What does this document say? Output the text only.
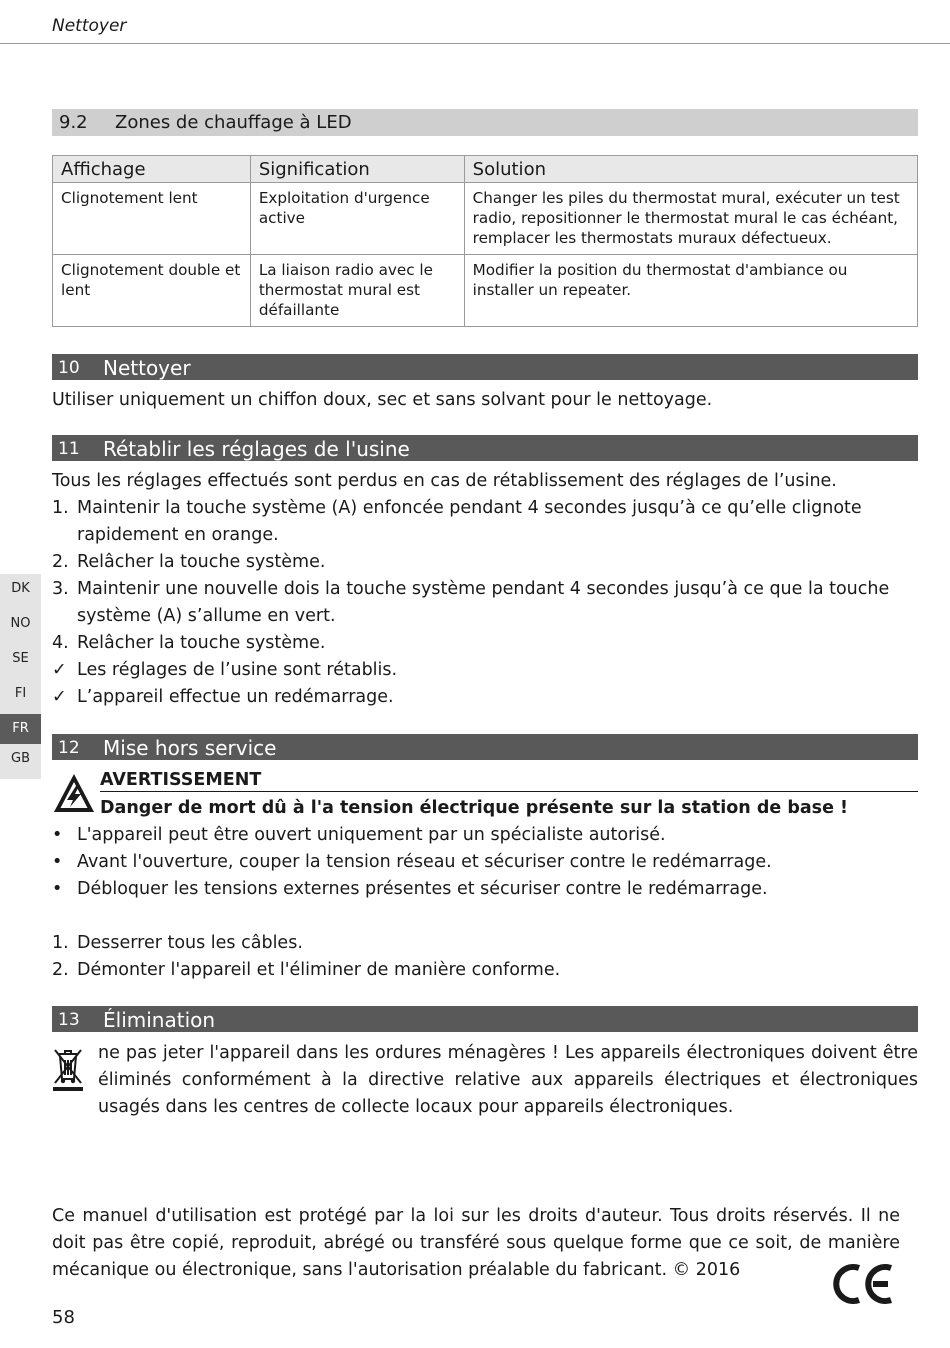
Nettoyer
9.2 Zones de chauffage à LED
Affichage	Signification	Solution
Clignotement lent	Exploitation d'urgence active	Changer les piles du thermostat mural, exécuter un test radio, repositionner le thermostat mural le cas échéant, remplacer les thermostats muraux défectueux.
Clignotement double et lent	La liaison radio avec le thermostat mural est défaillante	Modifier la position du thermostat d'ambiance ou installer un repeater.
10 Nettoyer
Utiliser uniquement un chiffon doux, sec et sans solvant pour le nettoyage.
11 Rétablir les réglages de l'usine
Tous les réglages effectués sont perdus en cas de rétablissement des réglages de l’usine.
1. Maintenir la touche système (A) enfoncée pendant 4 secondes jusqu’à ce qu’elle clignote rapidement en orange.
2. Relâcher la touche système.
3. Maintenir une nouvelle dois la touche système pendant 4 secondes jusqu’à ce que la touche système (A) s’allume en vert.
4. Relâcher la touche système.
✓ Les réglages de l’usine sont rétablis.
✓ L’appareil effectue un redémarrage.
DK
NO
SE
FI
FR
GB
12 Mise hors service
AVERTISSEMENT
Danger de mort dû à l'a tension électrique présente sur la station de base !
• L'appareil peut être ouvert uniquement par un spécialiste autorisé.
• Avant l'ouverture, couper la tension réseau et sécuriser contre le redémarrage.
• Débloquer les tensions externes présentes et sécuriser contre le redémarrage.
1. Desserrer tous les câbles.
2. Démonter l'appareil et l'éliminer de manière conforme.
13 Élimination
ne pas jeter l'appareil dans les ordures ménagères ! Les appareils électroniques doivent être éliminés conformément à la directive relative aux appareils électriques et électroniques usagés dans les centres de collecte locaux pour appareils électroniques.
Ce manuel d'utilisation est protégé par la loi sur les droits d'auteur. Tous droits réservés. Il ne doit pas être copié, reproduit, abrégé ou transféré sous quelque forme que ce soit, de manière mécanique ou électronique, sans l'autorisation préalable du fabricant. © 2016
58
